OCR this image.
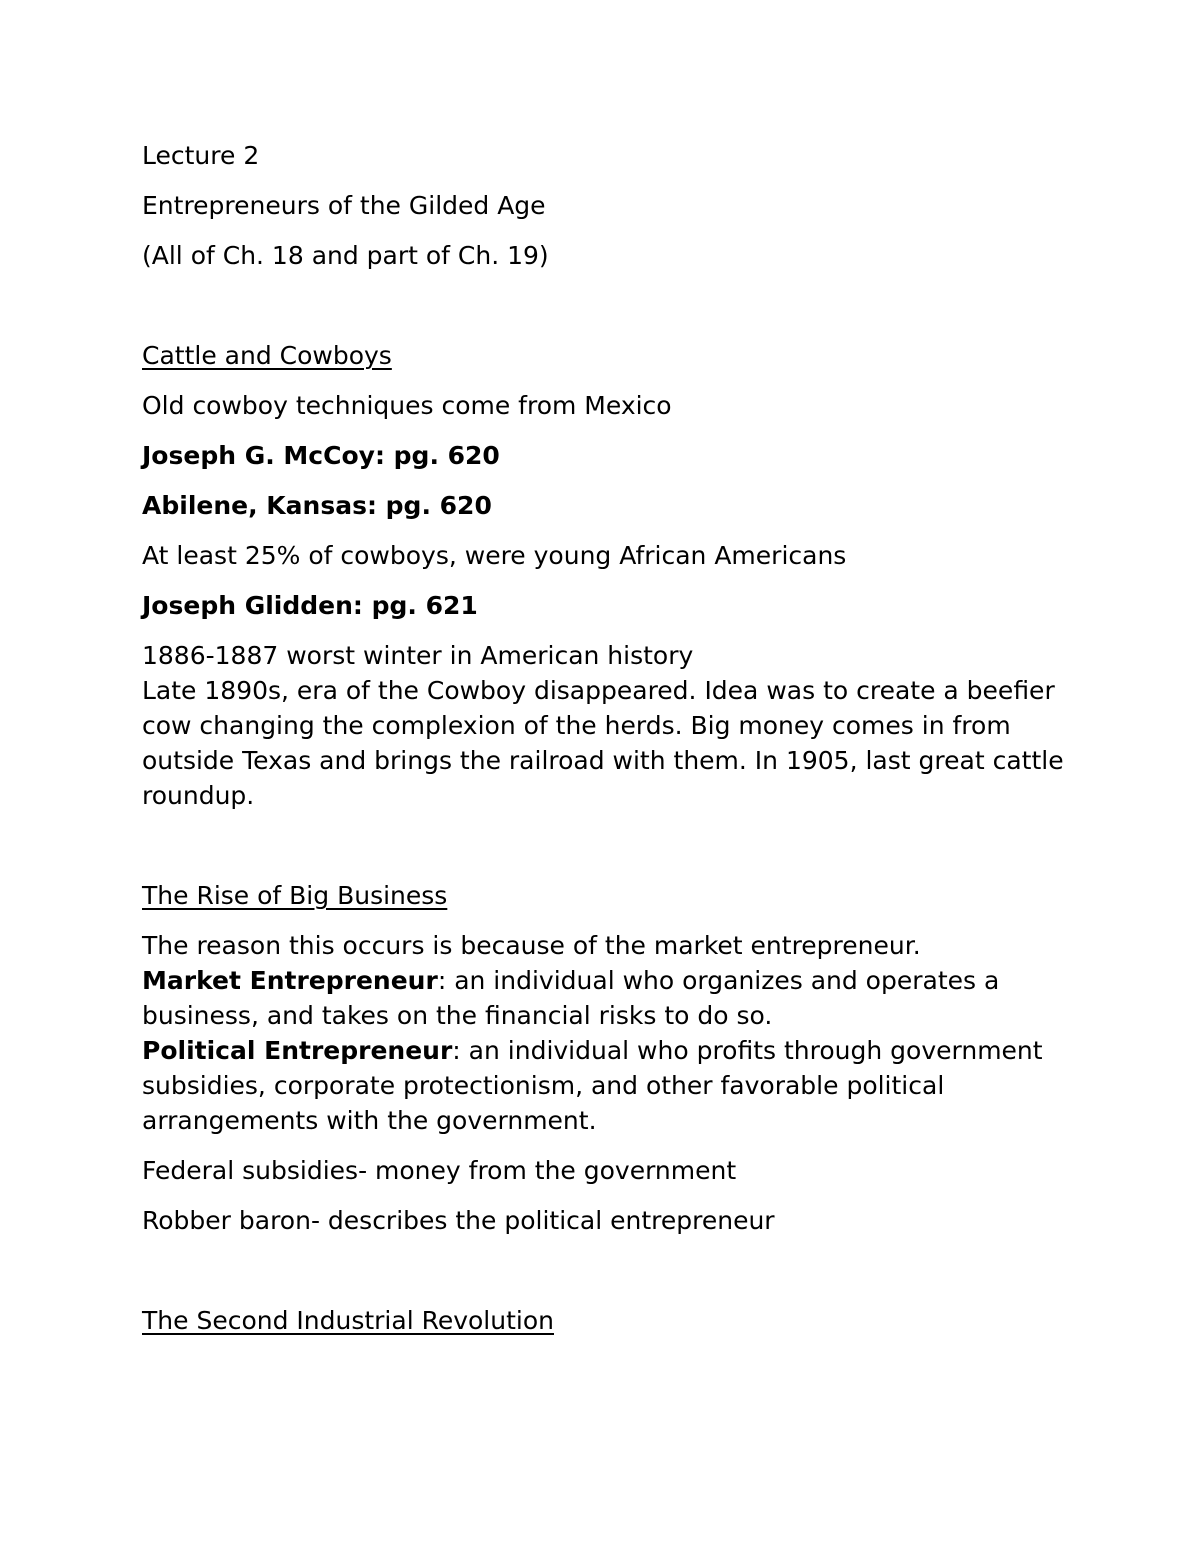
Lecture 2
Entrepreneurs of the Gilded Age
(All of Ch. 18 and part of Ch. 19)
Cattle and Cowboys
Old cowboy techniques come from Mexico
Joseph G. McCoy: pg. 620
Abilene, Kansas: pg. 620
At least 25% of cowboys, were young African Americans
Joseph Glidden: pg. 621
1886-1887 worst winter in American history
Late 1890s, era of the Cowboy disappeared. Idea was to create a beefier cow changing the complexion of the herds. Big money comes in from outside Texas and brings the railroad with them. In 1905, last great cattle roundup.
The Rise of Big Business
The reason this occurs is because of the market entrepreneur.
Market Entrepreneur: an individual who organizes and operates a business, and takes on the financial risks to do so.
Political Entrepreneur: an individual who profits through government subsidies, corporate protectionism, and other favorable political arrangements with the government.
Federal subsidies- money from the government
Robber baron- describes the political entrepreneur
The Second Industrial Revolution
